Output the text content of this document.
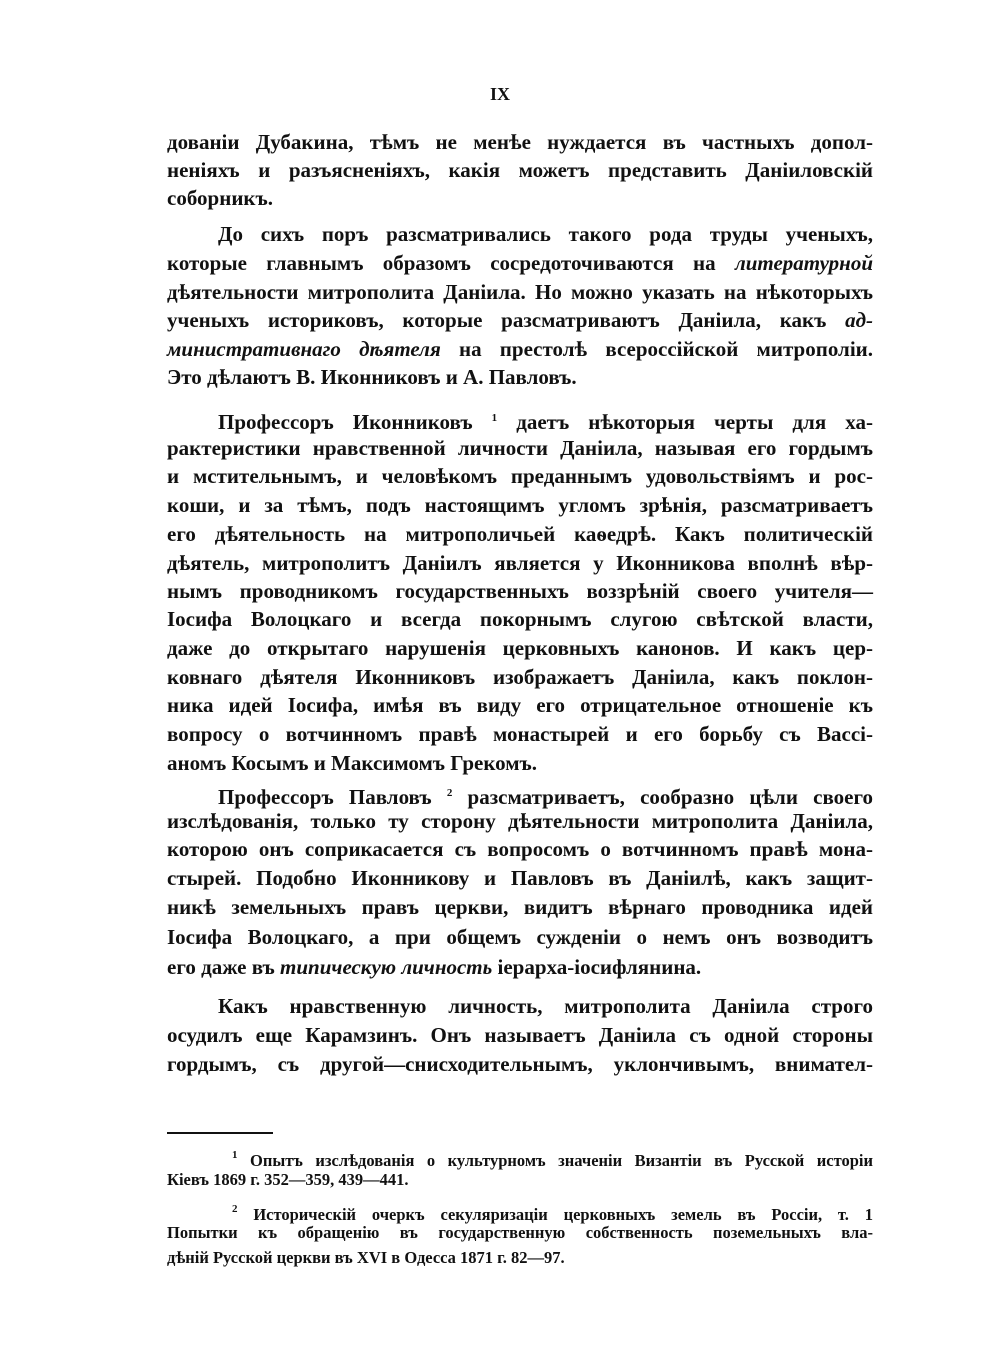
IX
дованіи Дубакина, тѣмъ не менѣе нуждается въ частныхъ допол-
неніяхъ и разъясненіяхъ, какія можетъ представить Даніиловскій
соборникъ.
До сихъ поръ разсматривались такого рода труды ученыхъ,
которые главнымъ образомъ сосредоточиваются на литературной
дѣятельности митрополита Даніила. Но можно указать на нѣкоторыхъ
ученыхъ историковъ, которые разсматриваютъ Даніила, какъ ад-
министративнаго дѣятеля на престолѣ всероссійской митрополіи.
Это дѣлаютъ В. Иконниковъ и А. Павловъ.
Профессоръ Иконниковъ $^1$ даетъ нѣкоторыя черты для ха-
рактеристики нравственной личности Даніила, называя его гордымъ
и мстительнымъ, и человѣкомъ преданнымъ удовольствіямъ и рос-
коши, и за тѣмъ, подъ настоящимъ угломъ зрѣнія, разсматриваетъ
его дѣятельность на митрополичьей каѳедрѣ. Какъ политическій
дѣятель, митрополитъ Даніилъ является у Иконникова вполнѣ вѣр-
нымъ проводникомъ государственныхъ воззрѣній своего учителя—
Іосифа Волоцкаго и всегда покорнымъ слугою свѣтской власти,
даже до открытаго нарушенія церковныхъ канонов. И какъ цер-
ковнаго дѣятеля Иконниковъ изображаетъ Даніила, какъ поклон-
ника идей Іосифа, имѣя въ виду его отрицательное отношеніе къ
вопросу о вотчинномъ правѣ монастырей и его борьбу съ Вассі-
аномъ Косымъ и Максимомъ Грекомъ.
Профессоръ Павловъ $^2$ разсматриваетъ, сообразно цѣли своего
изслѣдованія, только ту сторону дѣятельности митрополита Даніила,
которою онъ соприкасается съ вопросомъ о вотчинномъ правѣ мона-
стырей. Подобно Иконникову и Павловъ въ Даніилѣ, какъ защит-
никѣ земельныхъ правъ церкви, видитъ вѣрнаго проводника идей
Іосифа Волоцкаго, а при общемъ сужденіи о немъ онъ возводитъ
его даже въ типическую личность іерарха-іосифлянина.
Какъ нравственную личность, митрополита Даніила строго
осудилъ еще Карамзинъ. Онъ называетъ Даніила съ одной стороны
гордымъ, съ другой—снисходительнымъ, уклончивымъ, внимател-
$^1$ Опытъ изслѣдованія о культурномъ значеніи Византіи въ Русской исторіи
Кіевъ 1869 г. 352—359, 439—441.
$^2$ Историческій очеркъ секуляризаціи церковныхъ земель въ Россіи, т. 1
Попытки къ обращенію въ государственную собственность поземельныхъ вла-
дѣній Русской церкви въ XVI в Одесса 1871 г. 82—97.
